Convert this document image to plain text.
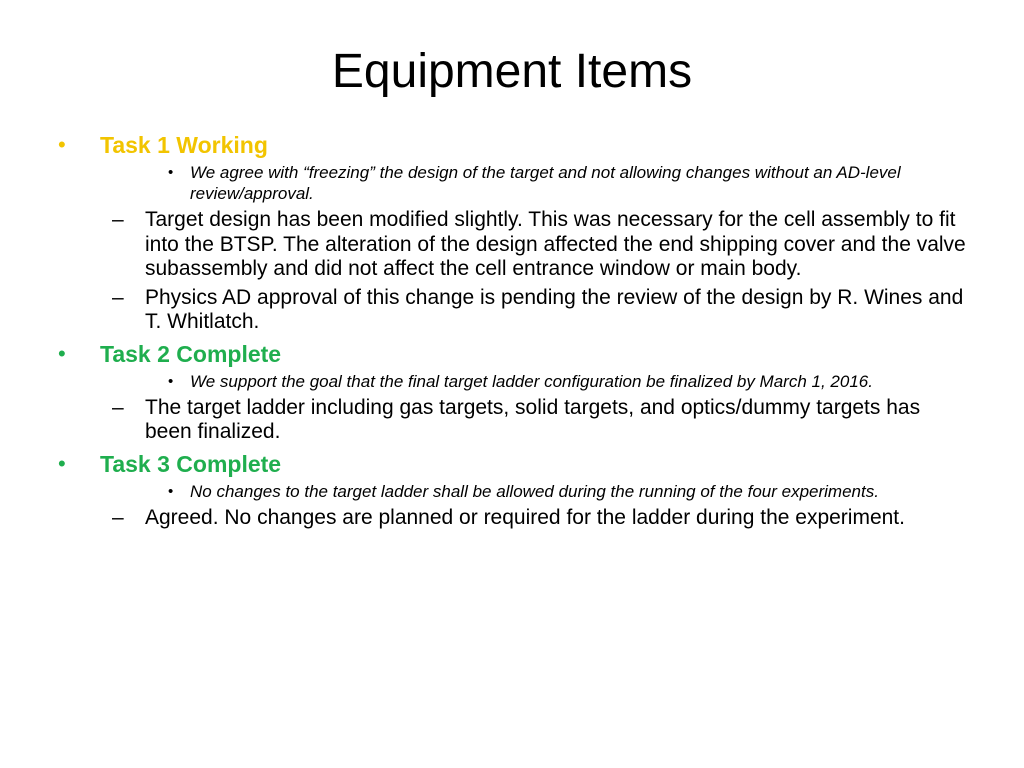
Equipment Items
• Task 1 Working
• We agree with “freezing” the design of the target and not allowing changes without an AD-level review/approval.
– Target design has been modified slightly. This was necessary for the cell assembly to fit into the BTSP. The alteration of the design affected the end shipping cover and the valve subassembly and did not affect the cell entrance window or main body.
– Physics AD approval of this change is pending the review of the design by R. Wines and T. Whitlatch.
• Task 2 Complete
• We support the goal that the final target ladder configuration be finalized by March 1, 2016.
– The target ladder including gas targets, solid targets, and optics/dummy targets has been finalized.
• Task 3 Complete
• No changes to the target ladder shall be allowed during the running of the four experiments.
– Agreed. No changes are planned or required for the ladder during the experiment.
